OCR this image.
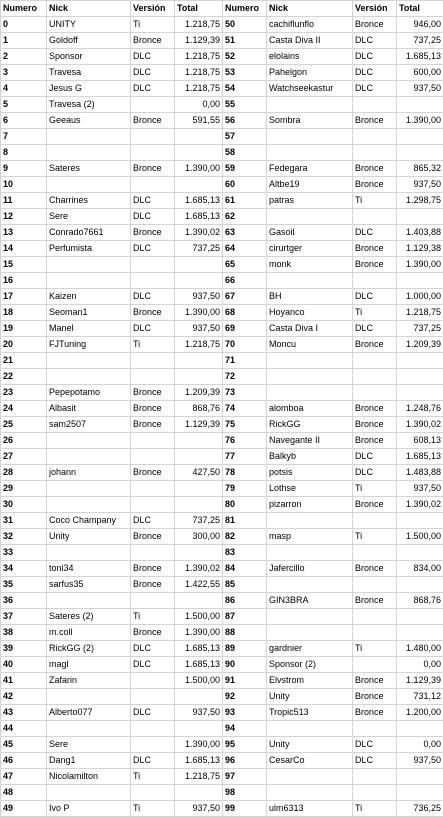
Numero	Nick	Versión	Total	Numero	Nick	Versión	Total
0	UNITY	Ti	1.218,75	50	cachiflunflo	Bronce	946,00
1	Goldoff	Bronce	1.129,39	51	Casta Diva II	DLC	737,25
2	Sponsor	DLC	1.218,75	52	elolains	DLC	1.685,13
3	Travesa	DLC	1.218,75	53	Pahelgon	DLC	600,00
4	Jesus G	DLC	1.218,75	54	Watchseekastur	DLC	937,50
5	Travesa (2)		0,00	55			
6	Geeaus	Bronce	591,55	56	Sombra	Bronce	1.390,00
7				57			
8				58			
9	Sateres	Bronce	1.390,00	59	Fedegara	Bronce	865,32
10				60	Altbe19	Bronce	937,50
11	Charrines	DLC	1.685,13	61	patras	Ti	1.298,75
12	Sere	DLC	1.685,13	62			
13	Conrado7661	Bronce	1.390,02	63	Gasoil	DLC	1.403,88
14	Perfumista	DLC	737,25	64	cirurtger	Bronce	1.129,38
15				65	monk	Bronce	1.390,00
16				66			
17	Kaizen	DLC	937,50	67	BH	DLC	1.000,00
18	Seoman1	Bronce	1.390,00	68	Hoyanco	Ti	1.218,75
19	Manel	DLC	937,50	69	Casta Diva I	DLC	737,25
20	FJTuning	Ti	1.218,75	70	Moncu	Bronce	1.209,39
21				71			
22				72			
23	Pepepotamo	Bronce	1.209,39	73			
24	Albasit	Bronce	868,76	74	alomboa	Bronce	1.248,76
25	sam2507	Bronce	1.129,39	75	RickGG	Bronce	1.390,02
26				76	Navegante II	Bronce	608,13
27				77	Balkyb	DLC	1.685,13
28	johann	Bronce	427,50	78	potsis	DLC	1.483,88
29				79	Lothse	Ti	937,50
30				80	pizarron	Bronce	1.390,02
31	Coco Champany	DLC	737,25	81			
32	Unity	Bronce	300,00	82	masp	Ti	1.500,00
33				83			
34	toni34	Bronce	1.390,02	84	Jafercillo	Bronce	834,00
35	sarfus35	Bronce	1.422,55	85			
36				86	GIN3BRA	Bronce	868,76
37	Sateres (2)	Ti	1.500,00	87			
38	m.coll	Bronce	1.390,00	88			
39	RickGG (2)	DLC	1.685,13	89	gardnier	Ti	1.480,00
40	magl	DLC	1.685,13	90	Sponsor (2)		0,00
41	Zafarin		1.500,00	91	Elvstrom	Bronce	1.129,39
42				92	Unity	Bronce	731,12
43	Alberto077	DLC	937,50	93	Tropic513	Bronce	1.200,00
44				94			
45	Sere		1.390,00	95	Unity	DLC	0,00
46	Dang1	DLC	1.685,13	96	CesarCo	DLC	937,50
47	Nicolamilton	Ti	1.218,75	97			
48				98			
49	Ivo P	Ti	937,50	99	ulm6313	Ti	736,25
